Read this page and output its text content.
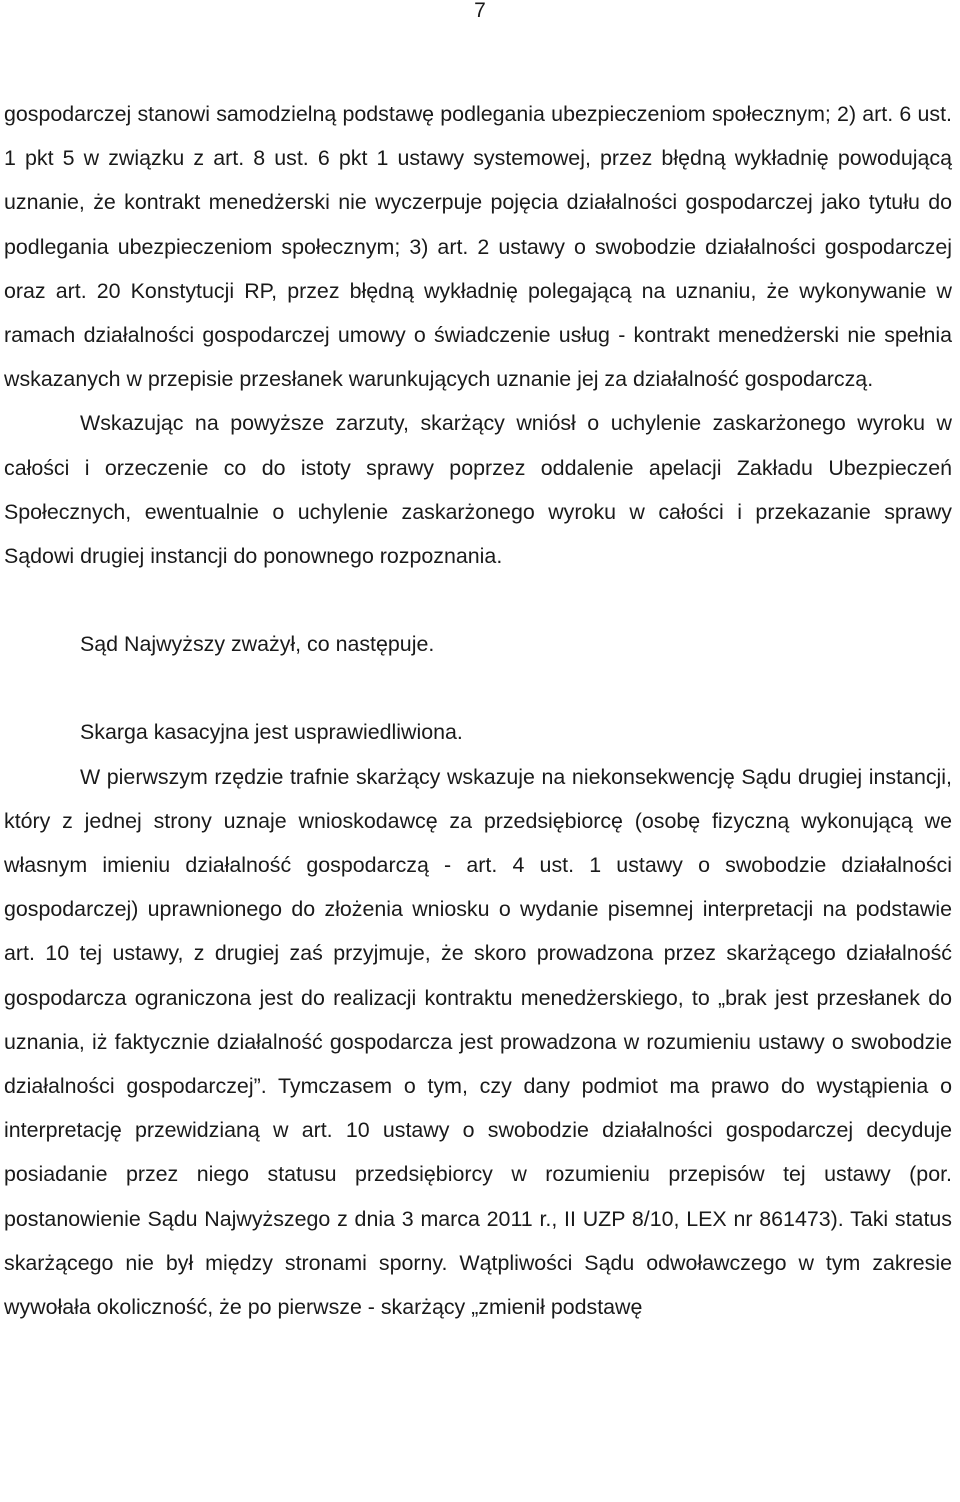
7

gospodarczej stanowi samodzielną podstawę podlegania ubezpieczeniom społecznym; 2) art. 6 ust. 1 pkt 5 w związku z art. 8 ust. 6 pkt 1 ustawy systemowej, przez błędną wykładnię powodującą uznanie, że kontrakt menedżerski nie wyczerpuje pojęcia działalności gospodarczej jako tytułu do podlegania ubezpieczeniom społecznym; 3) art. 2 ustawy o swobodzie działalności gospodarczej oraz art. 20 Konstytucji RP, przez błędną wykładnię polegającą na uznaniu, że wykonywanie w ramach działalności gospodarczej umowy o świadczenie usług - kontrakt menedżerski nie spełnia wskazanych w przepisie przesłanek warunkujących uznanie jej za działalność gospodarczą.

Wskazując na powyższe zarzuty, skarżący wniósł o uchylenie zaskarżonego wyroku w całości i orzeczenie co do istoty sprawy poprzez oddalenie apelacji Zakładu Ubezpieczeń Społecznych, ewentualnie o uchylenie zaskarżonego wyroku w całości i przekazanie sprawy Sądowi drugiej instancji do ponownego rozpoznania.

Sąd Najwyższy zważył, co następuje.

Skarga kasacyjna jest usprawiedliwiona.

W pierwszym rzędzie trafnie skarżący wskazuje na niekonsekwencję Sądu drugiej instancji, który z jednej strony uznaje wnioskodawcę za przedsiębiorcę (osobę fizyczną wykonującą we własnym imieniu działalność gospodarczą - art. 4 ust. 1 ustawy o swobodzie działalności gospodarczej) uprawnionego do złożenia wniosku o wydanie pisemnej interpretacji na podstawie art. 10 tej ustawy, z drugiej zaś przyjmuje, że skoro prowadzona przez skarżącego działalność gospodarcza ograniczona jest do realizacji kontraktu menedżerskiego, to „brak jest przesłanek do uznania, iż faktycznie działalność gospodarcza jest prowadzona w rozumieniu ustawy o swobodzie działalności gospodarczej”. Tymczasem o tym, czy dany podmiot ma prawo do wystąpienia o interpretację przewidzianą w art. 10 ustawy o swobodzie działalności gospodarczej decyduje posiadanie przez niego statusu przedsiębiorcy w rozumieniu przepisów tej ustawy (por. postanowienie Sądu Najwyższego z dnia 3 marca 2011 r., II UZP 8/10, LEX nr 861473). Taki status skarżącego nie był między stronami sporny. Wątpliwości Sądu odwoławczego w tym zakresie wywołała okoliczność, że po pierwsze - skarżący „zmienił podstawę
